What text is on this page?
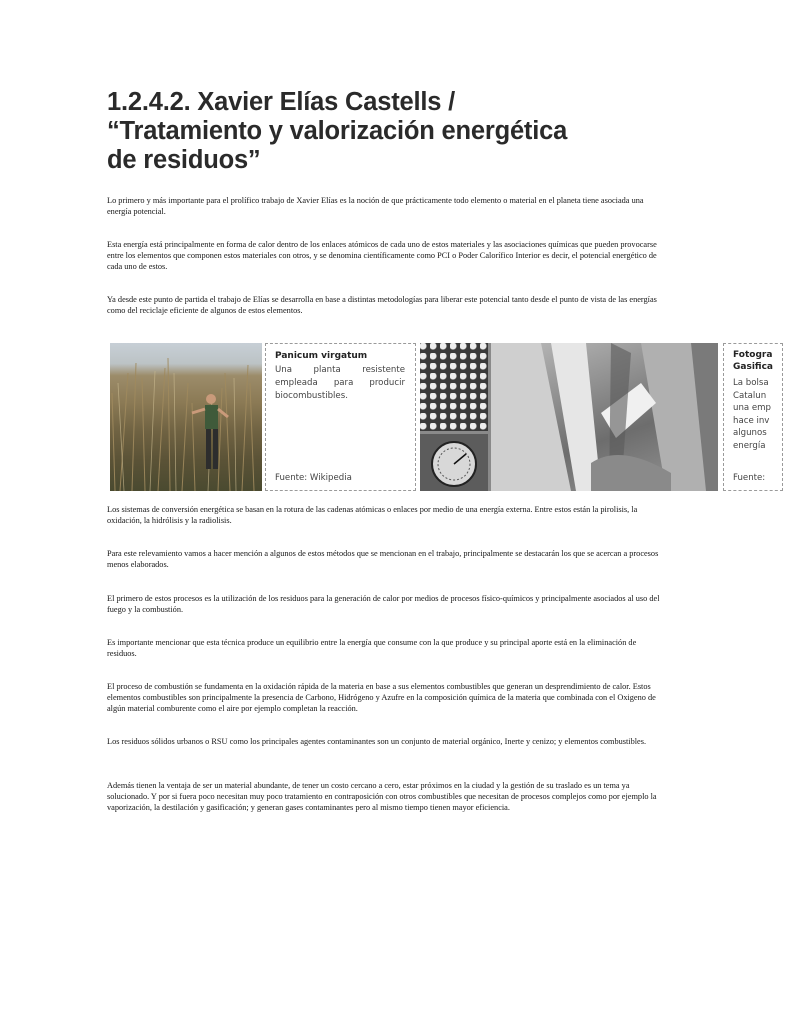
1.2.4.2. Xavier Elías Castells /
“Tratamiento y valorización energética
de residuos”

Lo primero y más importante para el prolífico trabajo de Xavier Elías es la noción de que prácticamente todo elemento o material en el planeta tiene asociada una energía potencial.

Esta energía está principalmente en forma de calor dentro de los enlaces atómicos de cada uno de estos materiales y las asociaciones químicas que pueden provocarse entre los elementos que componen estos materiales con otros, y se denomina científicamente como PCI o Poder Calorífico Interior es decir, el potencial energético de cada uno de estos.

Ya desde este punto de partida el trabajo de Elías se desarrolla en base a distintas metodologías para liberar este potencial tanto desde el punto de vista de las energías como del reciclaje eficiente de algunos de estos elementos.

Panicum virgatum
Una planta resistente empleada para producir biocombustibles.
Fuente: Wikipedia
Fotogra
Gasifica
La bolsa
Catalun
una emp
hace inv
algunos
energía
Fuente:

Los sistemas de conversión energética se basan en la rotura de las cadenas atómicas o enlaces por medio de una energía externa. Entre estos están la pirolisis, la oxidación, la hidrólisis y la radiolisis.

Para este relevamiento vamos a hacer mención a algunos de estos métodos que se mencionan en el trabajo, principalmente se destacarán los que se acercan a procesos menos elaborados.

El primero de estos procesos es la utilización de los residuos para la generación de calor por medios de procesos físico-químicos y principalmente asociados al uso del fuego y la combustión.

Es importante mencionar que esta técnica produce un equilibrio entre la energía que consume con la que produce y su principal aporte está en la eliminación de residuos.

El proceso de combustión se fundamenta en la oxidación rápida de la materia en base a sus elementos combustibles que generan un desprendimiento de calor. Estos elementos combustibles son principalmente la presencia de Carbono, Hidrógeno y Azufre en la composición química de la materia que combinada con el Oxigeno de algún material comburente como el aire por ejemplo completan la reacción.

Los residuos sólidos urbanos o RSU como los principales agentes contaminantes son un conjunto de material orgánico, Inerte y cenizo; y elementos combustibles.

Además tienen la ventaja de ser un material abundante, de tener un costo cercano a cero, estar próximos en la ciudad y la gestión de su traslado es un tema ya solucionado. Y por si fuera poco necesitan muy poco tratamiento en contraposición con otros combustibles que necesitan de procesos complejos como por ejemplo la vaporización, la destilación y gasificación; y generan gases contaminantes pero al mismo tiempo tienen mayor eficiencia.
